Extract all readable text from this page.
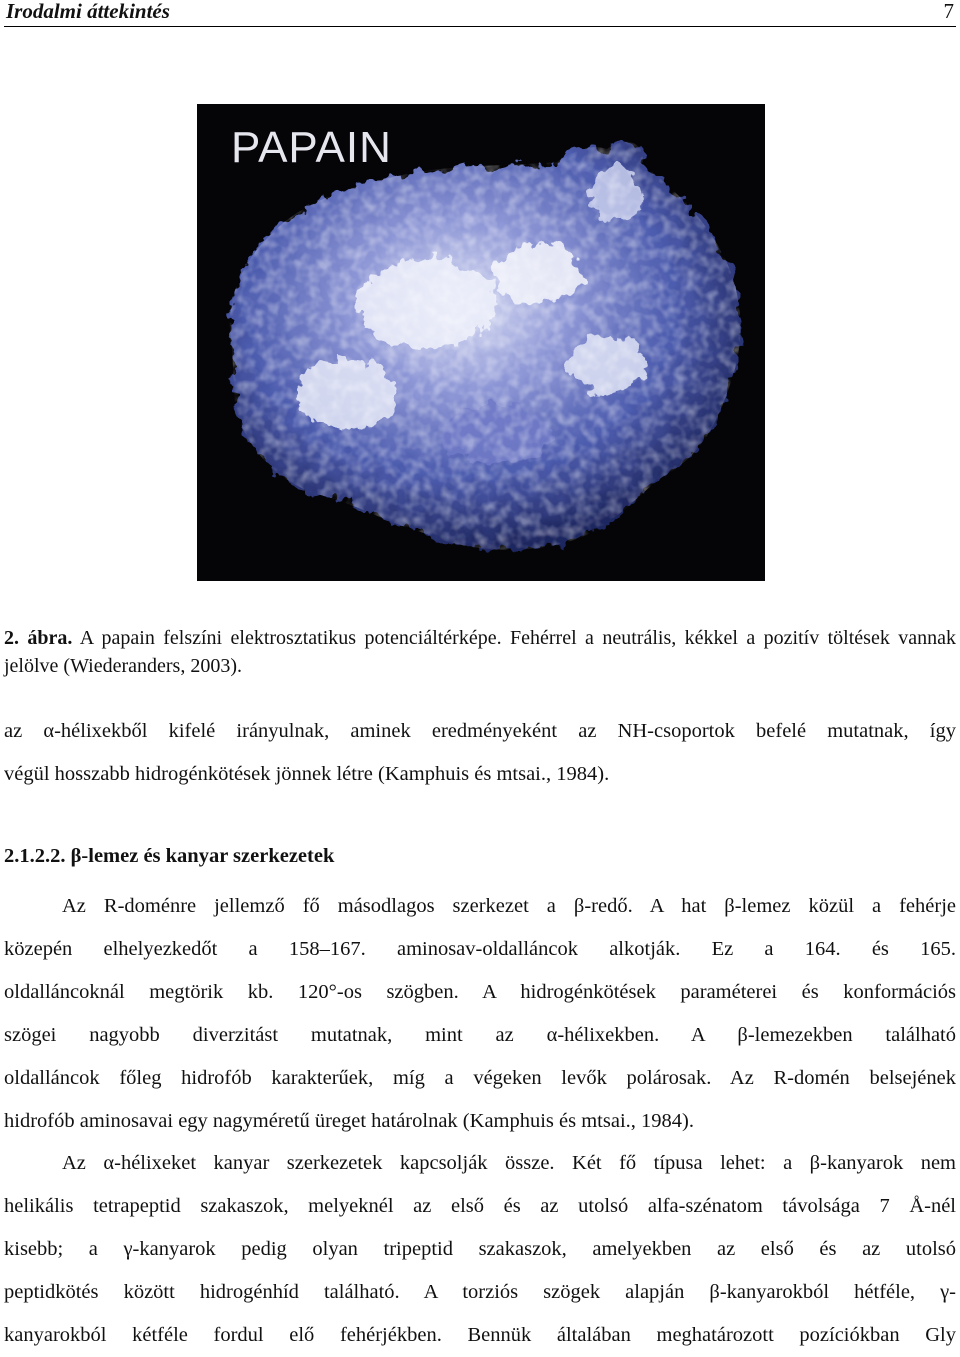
Irodalmi áttekintés	7
PAPAIN
2. ábra. A papain felszíni elektrosztatikus potenciáltérképe. Fehérrel a neutrális, kékkel a pozitív töltések vannak jelölve (Wiederanders, 2003).
az α-hélixekből kifelé irányulnak, aminek eredményeként az NH-csoportok befelé mutatnak, így
végül hosszabb hidrogénkötések jönnek létre (Kamphuis és mtsai., 1984).
2.1.2.2. β-lemez és kanyar szerkezetek
Az R-doménre jellemző fő másodlagos szerkezet a β-redő. A hat β-lemez közül a fehérje
közepén elhelyezkedőt a 158–167. aminosav-oldalláncok alkotják. Ez a 164. és 165.
oldalláncoknál megtörik kb. 120°-os szögben. A hidrogénkötések paraméterei és konformációs
szögei nagyobb diverzitást mutatnak, mint az α-hélixekben. A β-lemezekben található
oldalláncok főleg hidrofób karakterűek, míg a végeken levők polárosak. Az R-domén belsejének
hidrofób aminosavai egy nagyméretű üreget határolnak (Kamphuis és mtsai., 1984).
Az α-hélixeket kanyar szerkezetek kapcsolják össze. Két fő típusa lehet: a β-kanyarok nem
helikális tetrapeptid szakaszok, melyeknél az első és az utolsó alfa-szénatom távolsága 7 Å-nél
kisebb; a γ-kanyarok pedig olyan tripeptid szakaszok, amelyekben az első és az utolsó
peptidkötés között hidrogénhíd található. A torziós szögek alapján β-kanyarokból hétféle, γ-
kanyarokból kétféle fordul elő fehérjékben. Bennük általában meghatározott pozíciókban Gly
